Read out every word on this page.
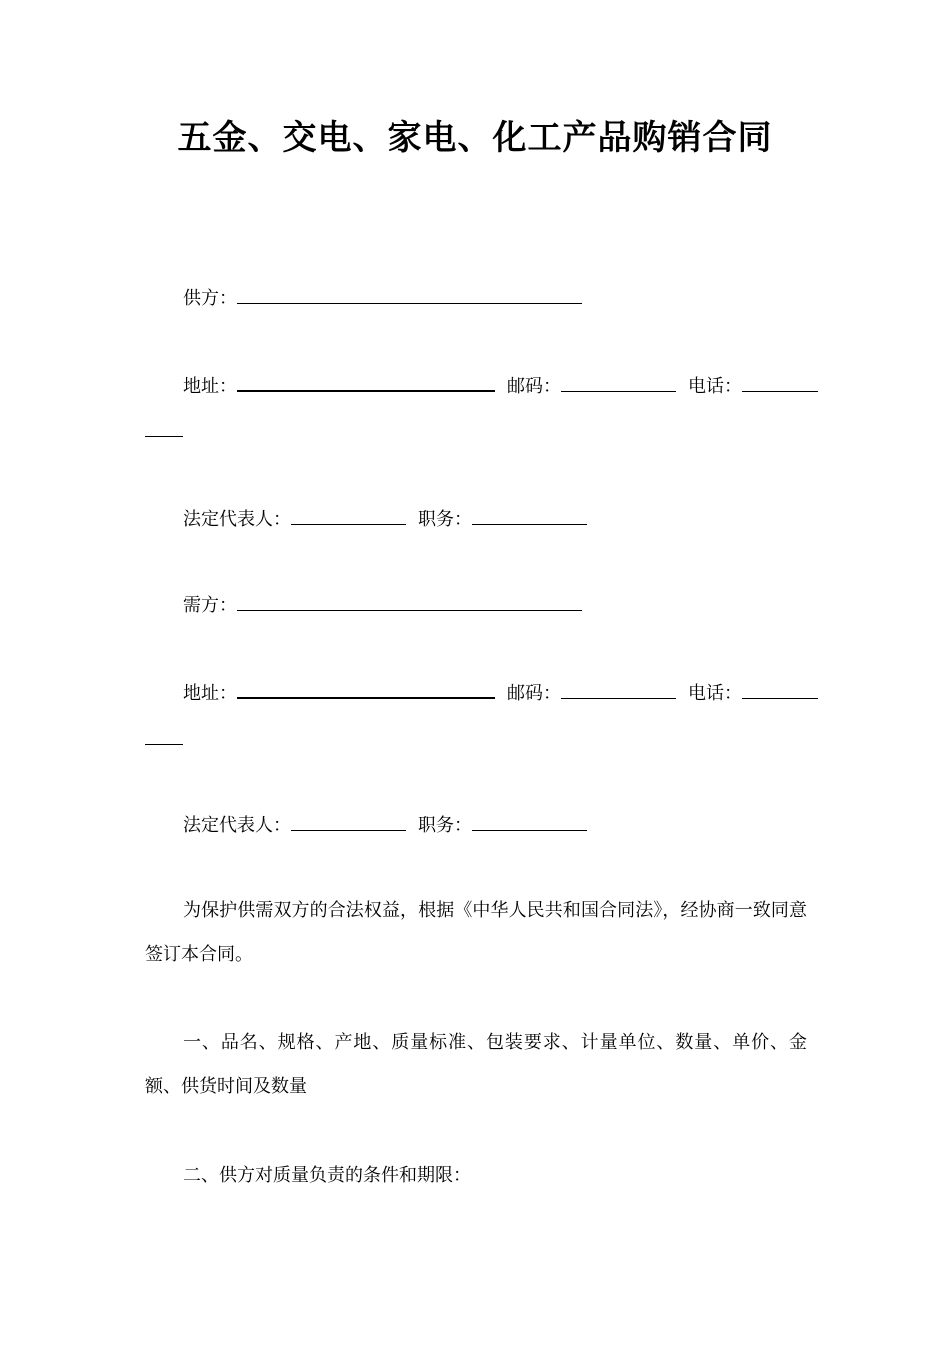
五金、交电、家电、化工产品购销合同
供方：
地址：	邮码：	电话：
法定代表人：	职务：
需方：
地址：	邮码：	电话：
法定代表人：	职务：
为保护供需双方的合法权益，根据《中华人民共和国合同法》，经协商一致同意签订本合同。
一、品名、规格、产地、质量标准、包装要求、计量单位、数量、单价、金额、供货时间及数量
二、供方对质量负责的条件和期限：
